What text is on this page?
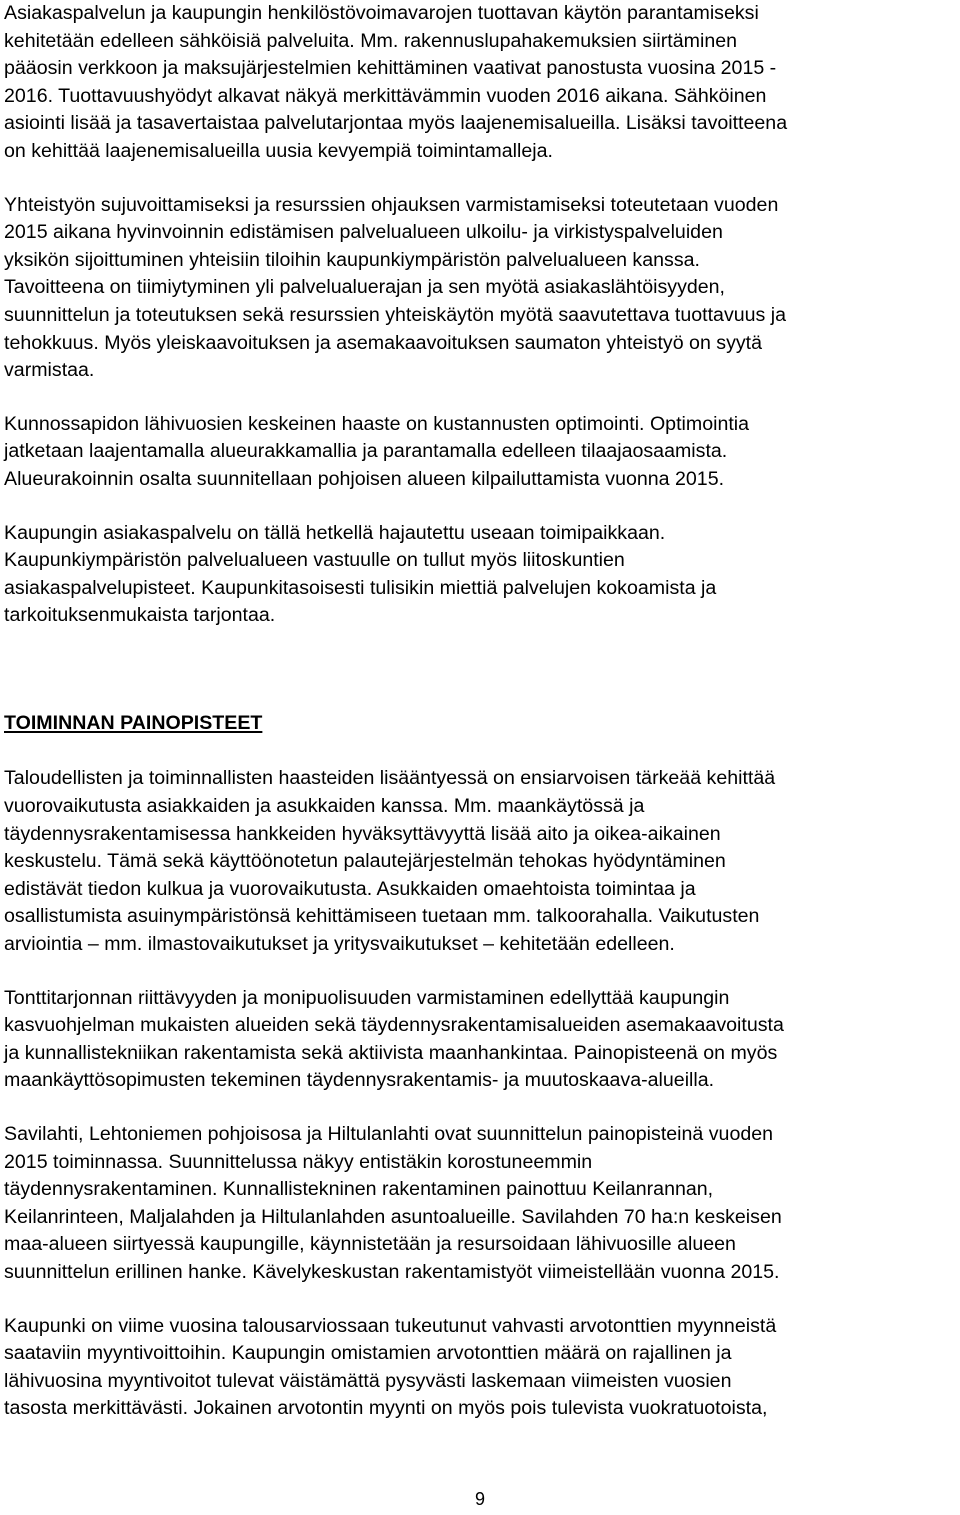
Asiakaspalvelun ja kaupungin henkilöstövoimavarojen tuottavan käytön parantamiseksi
kehitetään edelleen sähköisiä palveluita. Mm. rakennuslupahakemuksien siirtäminen
pääosin verkkoon ja maksujärjestelmien kehittäminen vaativat panostusta vuosina 2015 -
2016. Tuottavuushyödyt alkavat näkyä merkittävämmin vuoden 2016 aikana. Sähköinen
asiointi lisää ja tasavertaistaa palvelutarjontaa myös laajenemisalueilla. Lisäksi tavoitteena
on kehittää laajenemisalueilla uusia kevyempiä toimintamalleja.
Yhteistyön sujuvoittamiseksi ja resurssien ohjauksen varmistamiseksi toteutetaan vuoden
2015 aikana hyvinvoinnin edistämisen palvelualueen ulkoilu- ja virkistyspalveluiden
yksikön sijoittuminen yhteisiin tiloihin kaupunkiympäristön palvelualueen kanssa.
Tavoitteena on tiimiytyminen yli palvelualuerajan ja sen myötä asiakaslähtöisyyden,
suunnittelun ja toteutuksen sekä resurssien yhteiskäytön myötä saavutettava tuottavuus ja
tehokkuus. Myös yleiskaavoituksen ja asemakaavoituksen saumaton yhteistyö on syytä
varmistaa.
Kunnossapidon lähivuosien keskeinen haaste on kustannusten optimointi. Optimointia
jatketaan laajentamalla alueurakkamallia ja parantamalla edelleen tilaajaosaamista.
Alueurakoinnin osalta suunnitellaan pohjoisen alueen kilpailuttamista vuonna 2015.
Kaupungin asiakaspalvelu on tällä hetkellä hajautettu useaan toimipaikkaan.
Kaupunkiympäristön palvelualueen vastuulle on tullut myös liitoskuntien
asiakaspalvelupisteet. Kaupunkitasoisesti tulisikin miettiä palvelujen kokoamista ja
tarkoituksenmukaista tarjontaa.
TOIMINNAN PAINOPISTEET
Taloudellisten ja toiminnallisten haasteiden lisääntyessä on ensiarvoisen tärkeää kehittää
vuorovaikutusta asiakkaiden ja asukkaiden kanssa. Mm. maankäytössä ja
täydennysrakentamisessa hankkeiden hyväksyttävyyttä lisää aito ja oikea-aikainen
keskustelu. Tämä sekä käyttöönotetun palautejärjestelmän tehokas hyödyntäminen
edistävät tiedon kulkua ja vuorovaikutusta. Asukkaiden omaehtoista toimintaa ja
osallistumista asuinympäristönsä kehittämiseen tuetaan mm. talkoorahalla. Vaikutusten
arviointia – mm. ilmastovaikutukset ja yritysvaikutukset – kehitetään edelleen.
Tonttitarjonnan riittävyyden ja monipuolisuuden varmistaminen edellyttää kaupungin
kasvuohjelman mukaisten alueiden sekä täydennysrakentamisalueiden asemakaavoitusta
ja kunnallistekniikan rakentamista sekä aktiivista maanhankintaa. Painopisteenä on myös
maankäyttösopimusten tekeminen täydennysrakentamis- ja muutoskaava-alueilla.
Savilahti, Lehtoniemen pohjoisosa ja Hiltulanlahti ovat suunnittelun painopisteinä vuoden
2015 toiminnassa. Suunnittelussa näkyy entistäkin korostuneemmin
täydennysrakentaminen. Kunnallistekninen rakentaminen painottuu Keilanrannan,
Keilanrinteen, Maljalahden ja Hiltulanlahden asuntoalueille. Savilahden 70 ha:n keskeisen
maa-alueen siirtyessä kaupungille, käynnistetään ja resursoidaan lähivuosille alueen
suunnittelun erillinen hanke. Kävelykeskustan rakentamistyöt viimeistellään vuonna 2015.
Kaupunki on viime vuosina talousarviossaan tukeutunut vahvasti arvotonttien myynneistä
saataviin myyntivoittoihin. Kaupungin omistamien arvotonttien määrä on rajallinen ja
lähivuosina myyntivoitot tulevat väistämättä pysyvästi laskemaan viimeisten vuosien
tasosta merkittävästi. Jokainen arvotontin myynti on myös pois tulevista vuokratuotoista,
9
